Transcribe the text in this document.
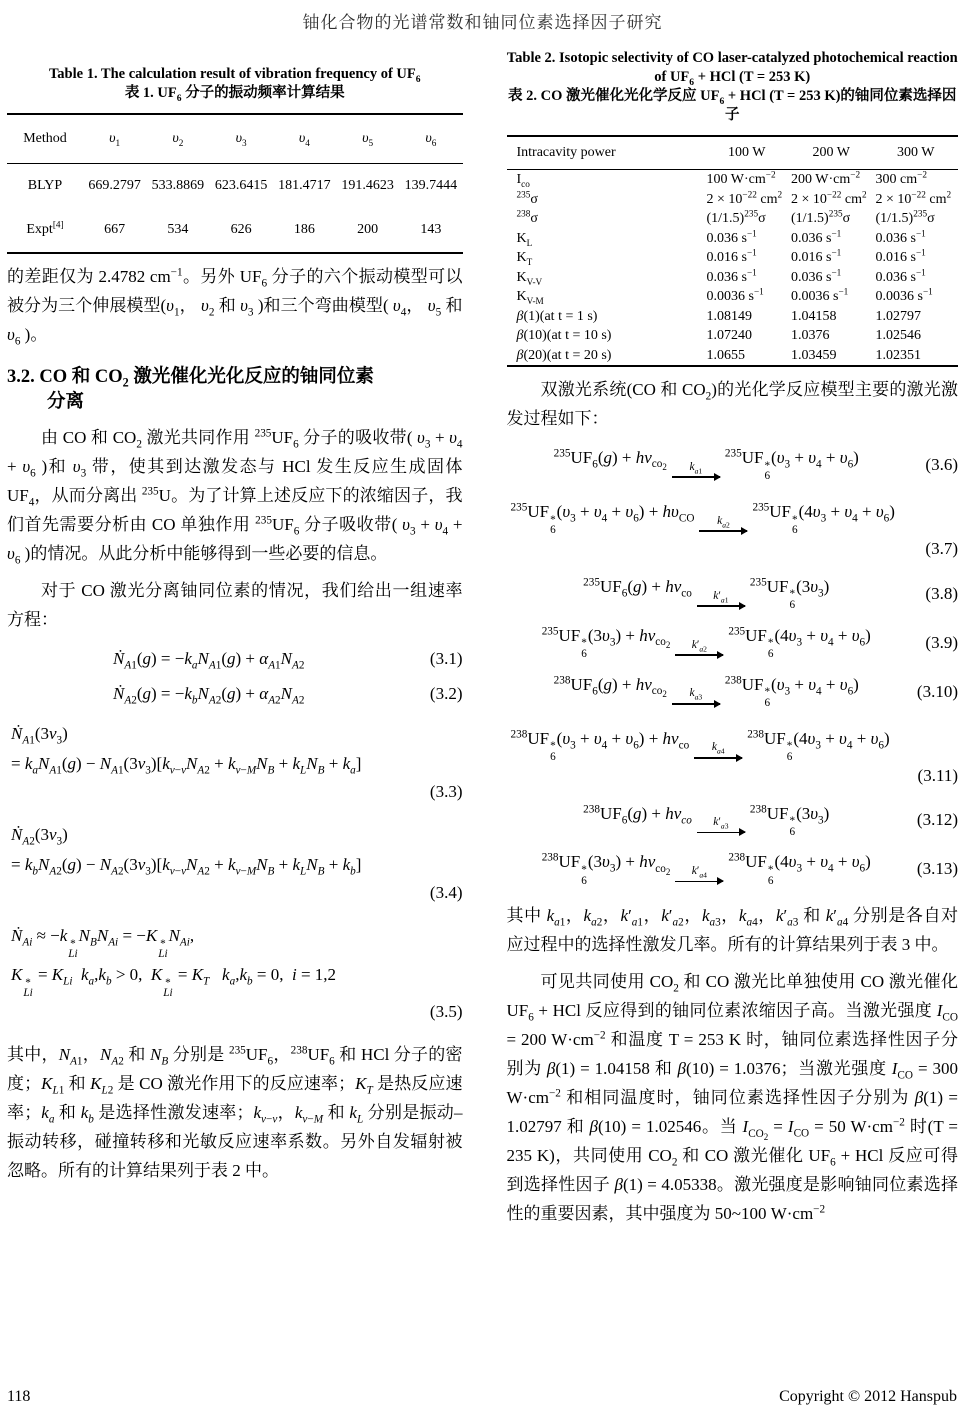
铀化合物的光谱常数和铀同位素选择因子研究
Table 1. The calculation result of vibration frequency of $UF_6$
表 1. $UF_6$ 分子的振动频率计算结果
Method	$\upsilon_1$	$\upsilon_2$	$\upsilon_3$	$\upsilon_4$	$\upsilon_5$	$\upsilon_6$
BLYP	669.2797	533.8869	623.6415	181.4717	191.4623	139.7444
Expt[4]	667	534	626	186	200	143

的差距仅为 2.4782 $cm^{-1}$。另外 $UF_6$ 分子的六个振动模型可以被分为三个伸展模型($\upsilon_1$， $\upsilon_2$ 和 $\upsilon_3$ )和三个弯曲模型( $\upsilon_4$， $\upsilon_5$ 和 $\upsilon_6$ )。

3.2. CO 和 $CO_2$ 激光催化光化反应的铀同位素
分离

由 CO 和 $CO_2$ 激光共同作用 $^{235}UF_6$ 分子的吸收带( $\upsilon_3 + \upsilon_4 + \upsilon_6$ )和 $\upsilon_3$ 带，使其到达激发态与 HCl 发生反应生成固体 $UF_4$，从而分离出 $^{235}$U。为了计算上述反应下的浓缩因子，我们首先需要分析由 CO 单独作用 $^{235}UF_6$ 分子吸收带( $\upsilon_3 + \upsilon_4 + \upsilon_6$ )的情况。从此分析中能够得到一些必要的信息。

对于 CO 激光分离铀同位素的情况，我们给出一组速率方程：

Ṅ$_{A1}$(g) = $-k_aN_{A1}(g) + \alpha_{A1}N_{A2}$	(3.1)
Ṅ$_{A2}$(g) = $-k_bN_{A2}(g) + \alpha_{A2}N_{A2}$	(3.2)
$Ṅ_{A1}(3\nu_3)$
= $k_aN_{A1}(g) - N_{A1}(3\nu_3)[k_{v-v}N_{A2} + k_{v-M}N_B + k_LN_B + k_a]$
(3.3)
$Ṅ_{A2}(3\nu_3)$
= $k_bN_{A2}(g) - N_{A2}(3\nu_3)[k_{v-v}N_{A2} + k_{v-M}N_B + k_LN_B + k_b]$
(3.4)
Ṅ$_{Ai}$ ≈ −k *
Li
$N_BN_{Ai} = -K$ *
Li
$N_{Ai}$,
K *
Li
= $K_{Li}$ $k_a,k_b > 0$,  K *
Li
= $K_T$ $k_a,k_b = 0$,  i = 1,2
(3.5)

其中，$N_{A1}$，$N_{A2}$ 和 $N_B$ 分别是 $^{235}UF_6$，$^{238}UF_6$ 和 HCl 分子的密度；$K_{L1}$ 和 $K_{L2}$ 是 CO 激光作用下的反应速率；$K_T$ 是热反应速率；$k_a$ 和 $k_b$ 是选择性激发速率；$k_{v-v}$，$k_{v-M}$ 和 $k_L$ 分别是振动–振动转移，碰撞转移和光敏反应速率系数。另外自发辐射被忽略。所有的计算结果列于表 2 中。

Table 2. Isotopic selectivity of CO laser-catalyzed photochemical reaction of $UF_6$ + HCl (T = 253 K)
表 2. CO 激光催化光化学反应 $UF_6$ + HCl (T = 253 K)的铀同位素选择因子
Intracavity power	100 W	200 W	300 W
$I_{co}$	100 $W\cdot cm^{-2}$	200 $W\cdot cm^{-2}$	300 $cm^{-2}$
$^{235}$σ	$2 \times 10^{-22}$ $cm^2$	$2 \times 10^{-22}$ $cm^2$	$2 \times 10^{-22}$ $cm^2$
$^{238}$σ	$(1/1.5)^{235}\sigma$	$(1/1.5)^{235}\sigma$	$(1/1.5)^{235}\sigma$
$K_L$	0.036 $s^{-1}$	0.036 $s^{-1}$	0.036 $s^{-1}$
$K_T$	0.016 $s^{-1}$	0.016 $s^{-1}$	0.016 $s^{-1}$
$K_{V-V}$	0.036 $s^{-1}$	0.036 $s^{-1}$	0.036 $s^{-1}$
$K_{V-M}$	0.0036 $s^{-1}$	0.0036 $s^{-1}$	0.0036 $s^{-1}$
β(1)(at t = 1 s)	1.08149	1.04158	1.02797
β(10)(at t = 10 s)	1.07240	1.0376	1.02546
β(20)(at t = 20 s)	1.0655	1.03459	1.02351

双激光系统(CO 和 $CO_2$)的光化学反应模型主要的激光激发过程如下：

$^{235}UF_6(g) + h\nu_{co_2}$ $k_{a1}$
$^{235}$UF *
6
$(\upsilon_3 + \upsilon_4 + \upsilon_6)$	(3.6)
$^{235}$UF *
6
$(\upsilon_3 + \upsilon_4 + \upsilon_6) + h\upsilon_{CO}$ $k_{a2}$
$^{235}$UF *
6
$(4\upsilon_3 + \upsilon_4 + \upsilon_6)$
(3.7)
$^{235}UF_6(g) + h\nu_{co}$ $k'_{a1}$
$^{235}$UF *
6
$(3\upsilon_3)$	(3.8)
$^{235}$UF *
6
$(3\upsilon_3) + h\nu_{co_2}$ $k'_{a2}$
$^{235}$UF *
6
$(4\upsilon_3 + \upsilon_4 + \upsilon_6)$	(3.9)
$^{238}UF_6(g) + h\nu_{co_2}$ $k_{a3}$
$^{238}$UF *
6
$(\upsilon_3 + \upsilon_4 + \upsilon_6)$	(3.10)
$^{238}$UF *
6
$(\upsilon_3 + \upsilon_4 + \upsilon_6) + h\nu_{co}$ $k_{a4}$
$^{238}$UF *
6
$(4\upsilon_3 + \upsilon_4 + \upsilon_6)$
(3.11)
$^{238}UF_6(g) + h\nu_{co}$ $k'_{a3}$
$^{238}$UF *
6
$(3\upsilon_3)$	(3.12)
$^{238}$UF *
6
$(3\upsilon_3) + h\nu_{co_2}$ $k'_{a4}$
$^{238}$UF *
6
$(4\upsilon_3 + \upsilon_4 + \upsilon_6)$	(3.13)

其中 $k_{a1}$，$k_{a2}$，$k'_{a1}$，$k'_{a2}$，$k_{a3}$，$k_{a4}$，$k'_{a3}$ 和 $k'_{a4}$ 分别是各自对应过程中的选择性激发几率。所有的计算结果列于表 3 中。

可见共同使用 $CO_2$ 和 CO 激光比单独使用 CO 激光催化 $UF_6$ + HCl 反应得到的铀同位素浓缩因子高。当激光强度 $I_{CO} = 200$ $W\cdot cm^{-2}$ 和温度 T = 253 K 时，铀同位素选择性因子分别为 β(1) = 1.04158 和 β(10) = 1.0376；当激光强度 $I_{CO} = 300$ $W\cdot cm^{-2}$ 和相同温度时，铀同位素选择性因子分别为 β(1) = 1.02797 和 β(10) = 1.02546。当 $I_{CO_2} = I_{CO} = 50$ $W\cdot cm^{-2}$ 时(T = 235 K)，共同使用 $CO_2$ 和 CO 激光催化 $UF_6$ + HCl 反应可得到选择性因子 β(1) = 4.05338。激光强度是影响铀同位素选择性的重要因素，其中强度为 50~100 $W\cdot cm^{-2}$

118	Copyright © 2012 Hanspub
